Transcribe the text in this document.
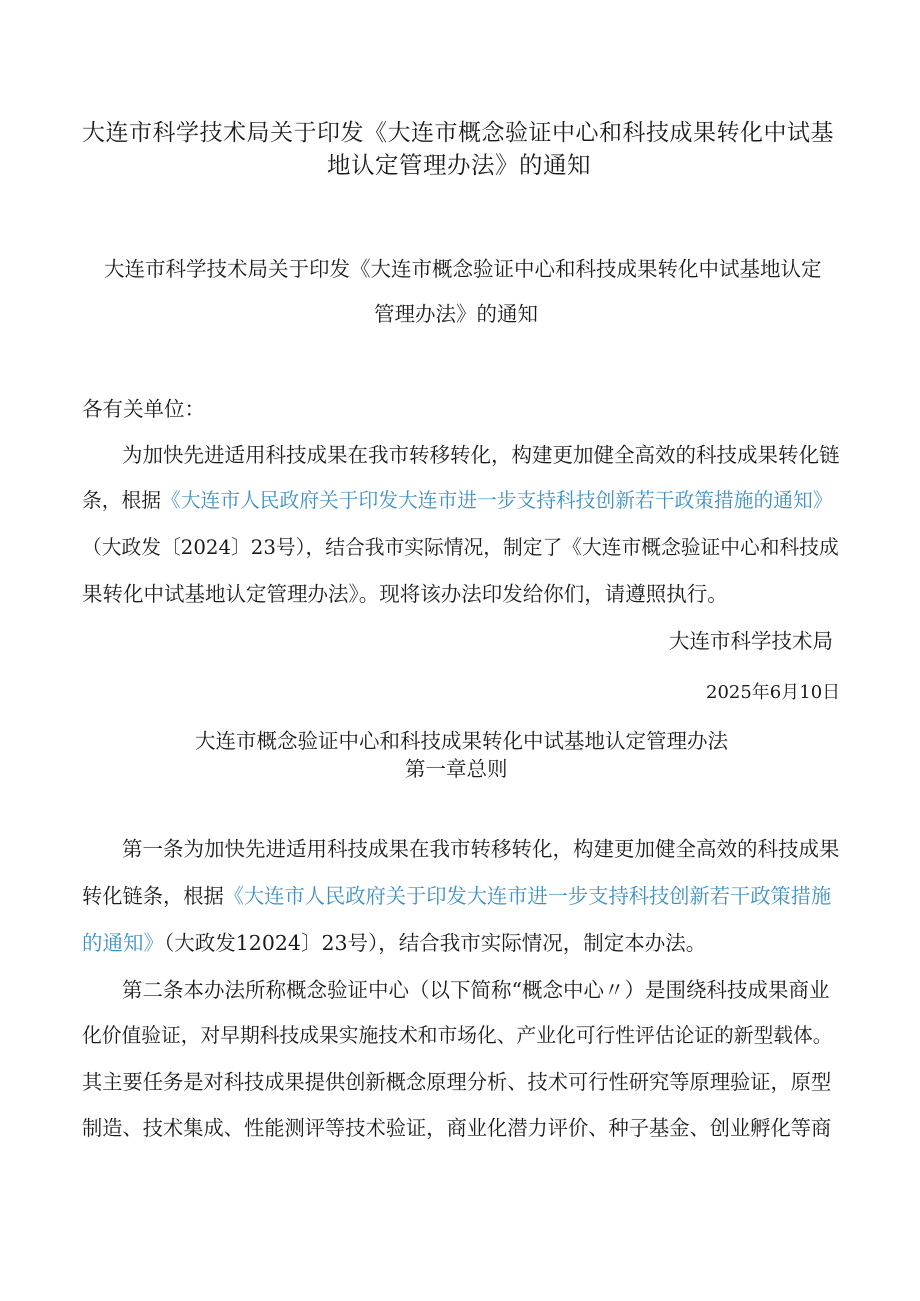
大连市科学技术局关于印发《大连市概念验证中心和科技成果转化中试基
地认定管理办法》的通知
大连市科学技术局关于印发《大连市概念验证中心和科技成果转化中试基地认定
管理办法》的通知
各有关单位：
为加快先进适用科技成果在我市转移转化，构建更加健全高效的科技成果转化链
条，根据《大连市人民政府关于印发大连市进一步支持科技创新若干政策措施的通知》
（大政发〔2024〕23号），结合我市实际情况，制定了《大连市概念验证中心和科技成
果转化中试基地认定管理办法》。现将该办法印发给你们，请遵照执行。
大连市科学技术局
2025年6月10日
大连市概念验证中心和科技成果转化中试基地认定管理办法
第一章总则
第一条为加快先进适用科技成果在我市转移转化，构建更加健全高效的科技成果
转化链条，根据《大连市人民政府关于印发大连市进一步支持科技创新若干政策措施
的通知》（大政发12024〕23号），结合我市实际情况，制定本办法。
第二条本办法所称概念验证中心（以下简称“概念中心〃）是围绕科技成果商业
化价值验证，对早期科技成果实施技术和市场化、产业化可行性评估论证的新型载体。
其主要任务是对科技成果提供创新概念原理分析、技术可行性研究等原理验证，原型
制造、技术集成、性能测评等技术验证，商业化潜力评价、种子基金、创业孵化等商
